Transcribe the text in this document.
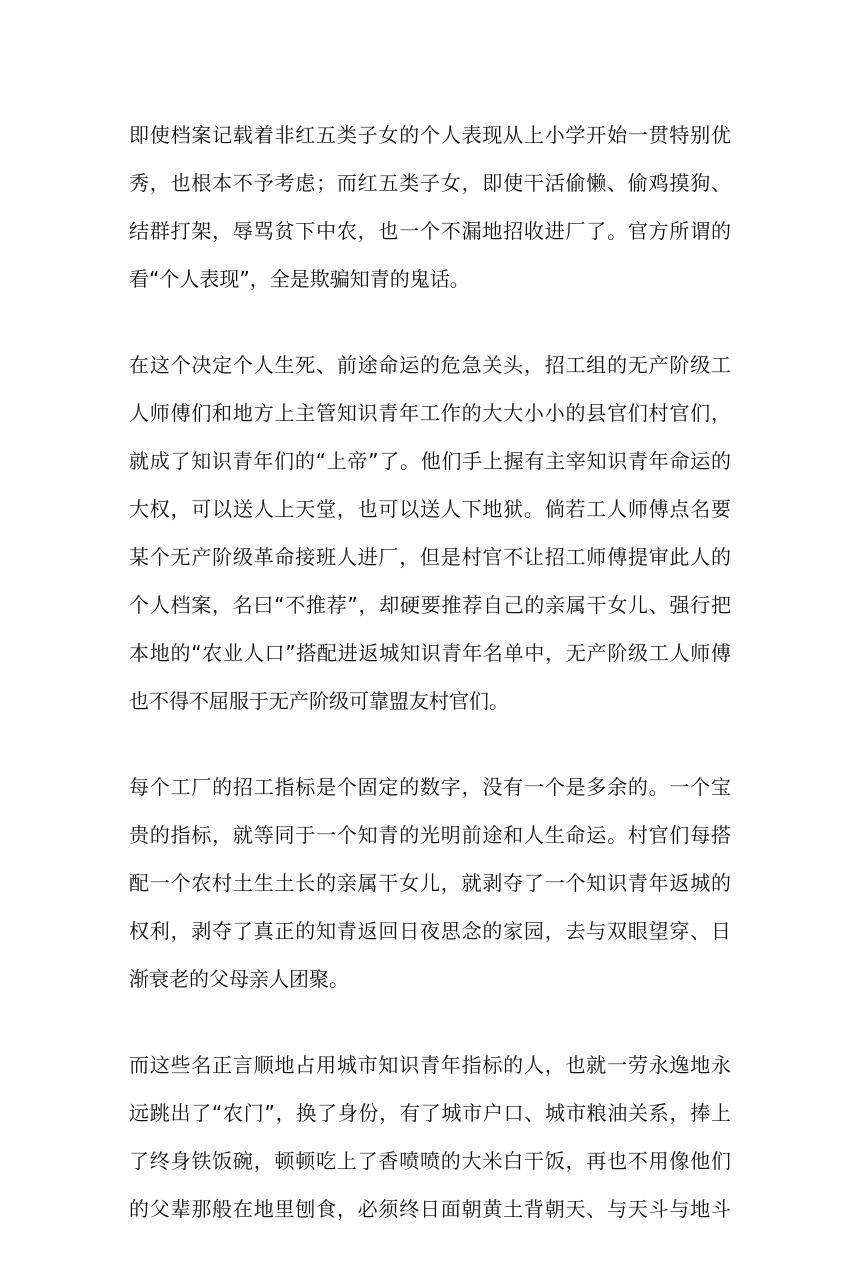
即使档案记载着非红五类子女的个人表现从上小学开始一贯特别优
秀，也根本不予考虑；而红五类子女，即使干活偷懒、偷鸡摸狗、
结群打架，辱骂贫下中农，也一个不漏地招收进厂了。官方所谓的
看“个人表现”，全是欺骗知青的鬼话。
在这个决定个人生死、前途命运的危急关头，招工组的无产阶级工
人师傅们和地方上主管知识青年工作的大大小小的县官们村官们，
就成了知识青年们的“上帝”了。他们手上握有主宰知识青年命运的
大权，可以送人上天堂，也可以送人下地狱。倘若工人师傅点名要
某个无产阶级革命接班人进厂，但是村官不让招工师傅提审此人的
个人档案，名曰“不推荐”，却硬要推荐自己的亲属干女儿、强行把
本地的“农业人口”搭配进返城知识青年名单中，无产阶级工人师傅
也不得不屈服于无产阶级可靠盟友村官们。
每个工厂的招工指标是个固定的数字，没有一个是多余的。一个宝
贵的指标，就等同于一个知青的光明前途和人生命运。村官们每搭
配一个农村土生土长的亲属干女儿，就剥夺了一个知识青年返城的
权利，剥夺了真正的知青返回日夜思念的家园，去与双眼望穿、日
渐衰老的父母亲人团聚。
而这些名正言顺地占用城市知识青年指标的人，也就一劳永逸地永
远跳出了“农门”，换了身份，有了城市户口、城市粮油关系，捧上
了终身铁饭碗，顿顿吃上了香喷喷的大米白干饭，再也不用像他们
的父辈那般在地里刨食，必须终日面朝黄土背朝天、与天斗与地斗
